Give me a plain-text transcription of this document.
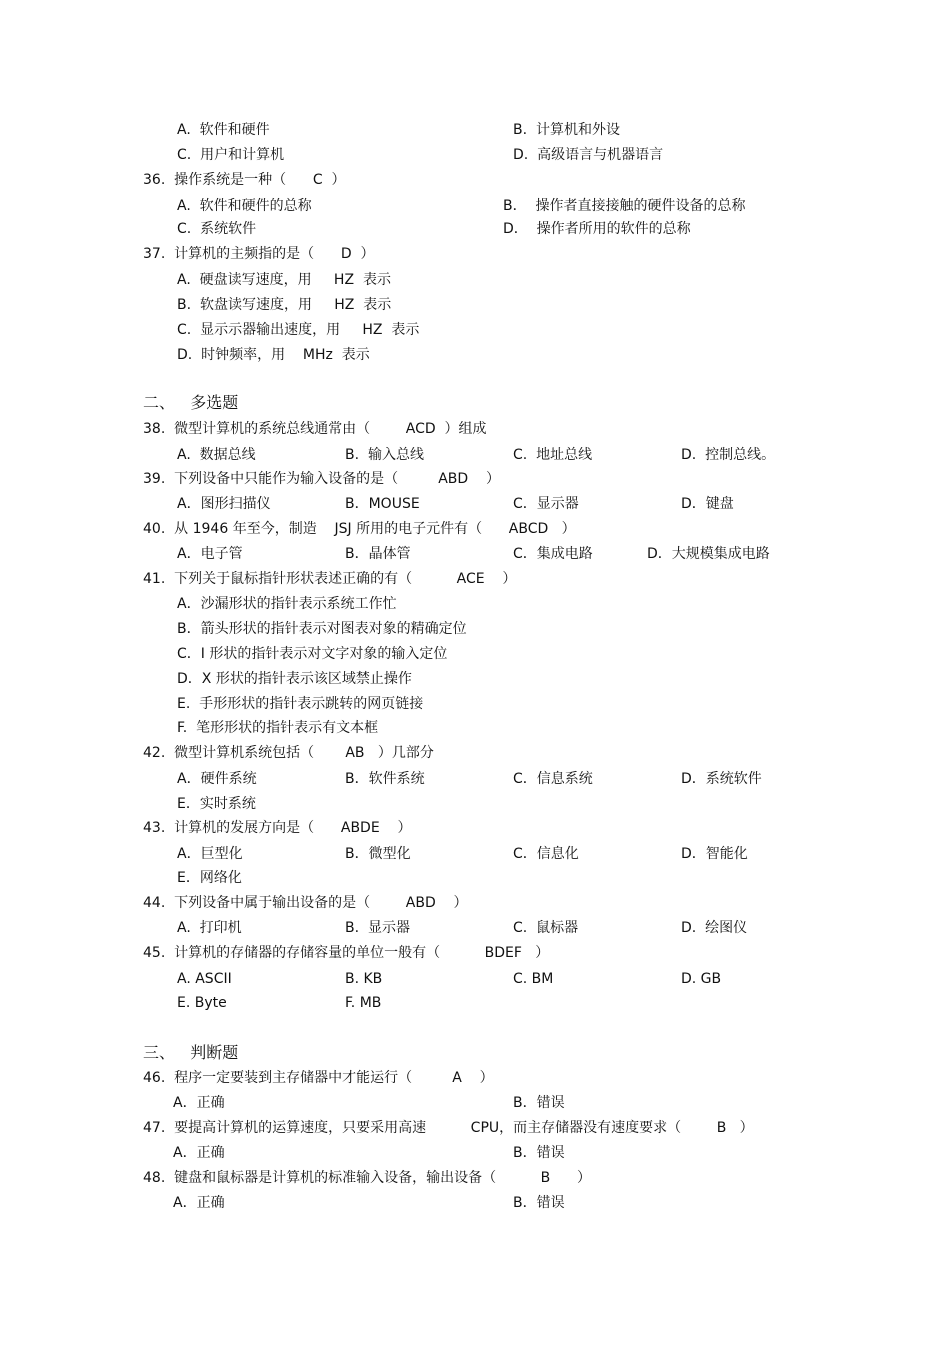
A.  软件和硬件	B.  计算机和外设
C.  用户和计算机	D.  高级语言与机器语言
36.  操作系统是一种（      C  ）
A.  软件和硬件的总称	B．  操作者直接接触的硬件设备的总称
C.  系统软件	D．  操作者所用的软件的总称
37.  计算机的主频指的是（      D  ）
A.  硬盘读写速度，用     HZ  表示
B.  软盘读写速度，用     HZ  表示
C.  显示示器输出速度，用     HZ  表示
D.  时钟频率，用    MHz  表示
二、   多选题
38.  微型计算机的系统总线通常由（        ACD  ）组成
A.  数据总线	B.  输入总线	C.  地址总线	D.  控制总线。
39.  下列设备中只能作为输入设备的是（         ABD    ）
A．图形扫描仪	B．MOUSE	C．显示器	D．键盘
40.  从 1946 年至今，制造    JSJ 所用的电子元件有（      ABCD   ）
A．电子管	B．晶体管	C．集成电路	D．大规模集成电路
41.  下列关于鼠标指针形状表述正确的有（          ACE    ）
A．沙漏形状的指针表示系统工作忙
B．箭头形状的指针表示对图表对象的精确定位
C．I 形状的指针表示对文字对象的输入定位
D．X 形状的指针表示该区域禁止操作
E.  手形形状的指针表示跳转的网页链接
F.  笔形形状的指针表示有文本框
42.  微型计算机系统包括（       AB   ）几部分
A．硬件系统	B．软件系统	C．信息系统	D．系统软件
E．实时系统
43.  计算机的发展方向是（      ABDE    ）
A．巨型化	B．微型化	C．信息化	D．智能化
E．网络化
44.  下列设备中属于输出设备的是（        ABD    ）
A.  打印机	B.  显示器	C.  鼠标器	D.  绘图仪
45.  计算机的存储器的存储容量的单位一般有（          BDEF   ）
A. ASCII	B. KB	C. BM	D. GB
E. Byte	F. MB
三、   判断题
46.  程序一定要装到主存储器中才能运行（         A    ）
A．正确	B．错误
47.  要提高计算机的运算速度，只要采用高速          CPU，而主存储器没有速度要求（        B   ）
A．正确	B．错误
48.  键盘和鼠标器是计算机的标准输入设备，输出设备（          B      ）
A．正确	B．错误
